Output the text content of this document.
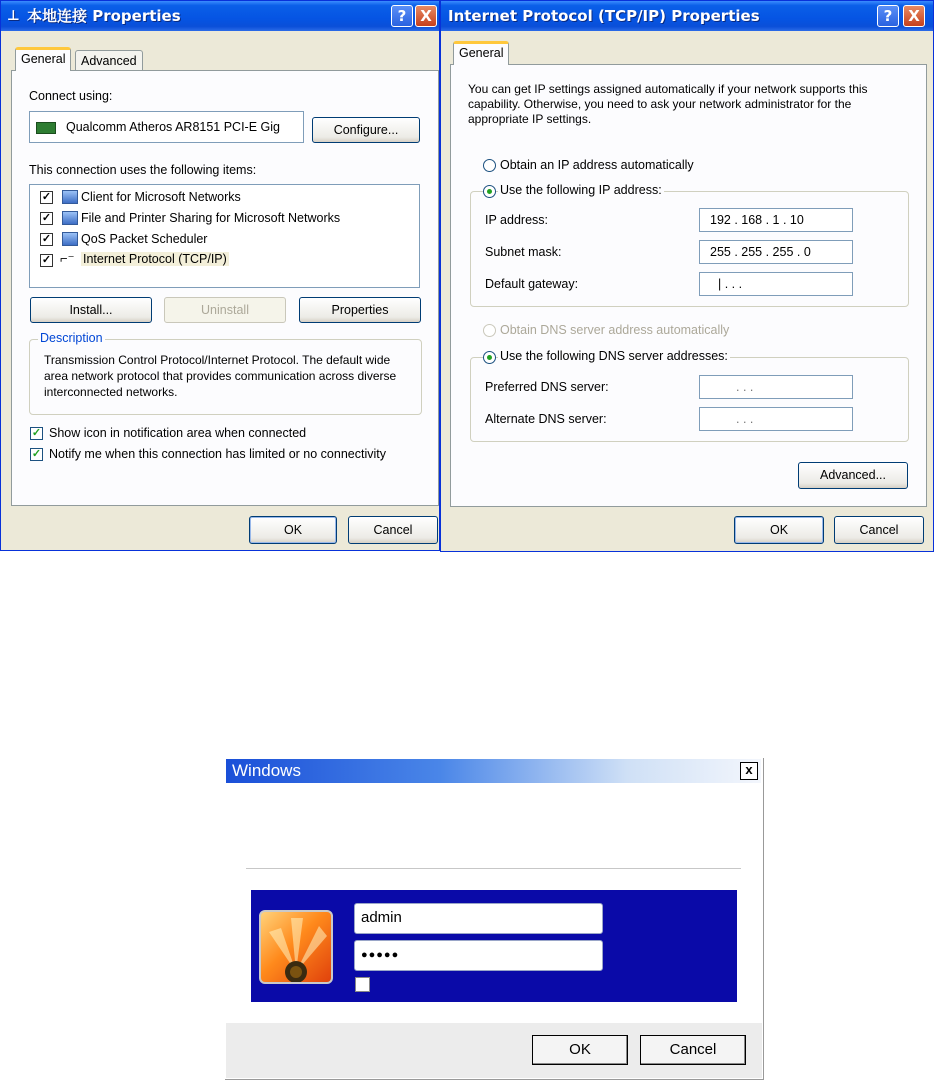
⊥ 本地连接 Properties	? X
General	Advanced
Connect using:
Qualcomm Atheros AR8151 PCI-E Gig	Configure...
This connection uses the following items:
✓ Client for Microsoft Networks
✓ File and Printer Sharing for Microsoft Networks
✓ QoS Packet Scheduler
✓ ⌐⁻ Internet Protocol (TCP/IP)
Install...	Uninstall	Properties
Description
Transmission Control Protocol/Internet Protocol. The default wide area network protocol that provides communication across diverse interconnected networks.
✓ Show icon in notification area when connected
✓ Notify me when this connection has limited or no connectivity
OK	Cancel
Internet Protocol (TCP/IP) Properties	?	X
General
You can get IP settings assigned automatically if your network supports this capability. Otherwise, you need to ask your network administrator for the appropriate IP settings.
Obtain an IP address automatically
Use the following IP address:
IP address:	192 . 168 . 1 . 10
Subnet mask:	255 . 255 . 255 . 0
Default gateway:	| . . .
Obtain DNS server address automatically
Use the following DNS server addresses:
Preferred DNS server:	. . .
Alternate DNS server:	. . .
Advanced...
OK	Cancel
Windows	x
admin
●●●●●
OK	Cancel
